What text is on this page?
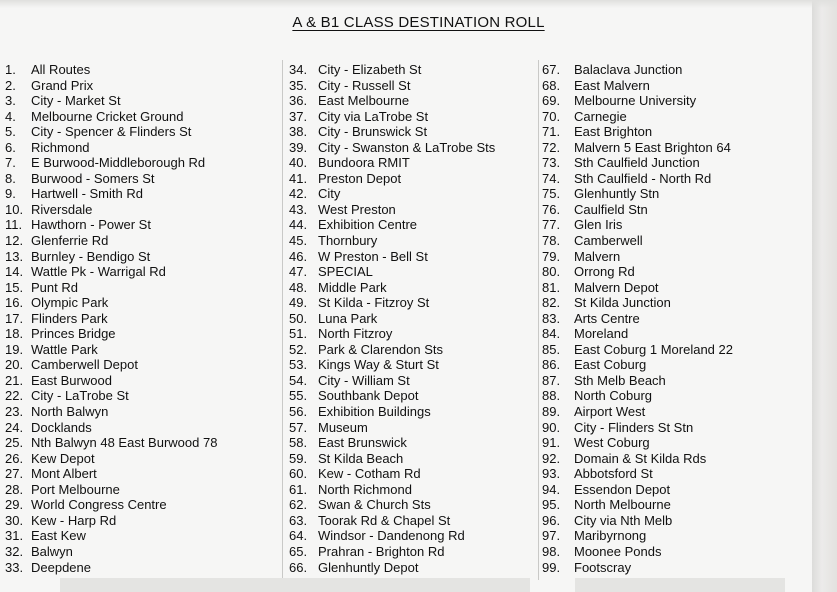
A & B1 CLASS DESTINATION ROLL
1. All Routes
2. Grand Prix
3. City - Market St
4. Melbourne Cricket Ground
5. City - Spencer & Flinders St
6. Richmond
7. E Burwood-Middleborough Rd
8. Burwood - Somers St
9. Hartwell - Smith Rd
10. Riversdale
11. Hawthorn - Power St
12. Glenferrie Rd
13. Burnley - Bendigo St
14. Wattle Pk - Warrigal Rd
15. Punt Rd
16. Olympic Park
17. Flinders Park
18. Princes Bridge
19. Wattle Park
20. Camberwell Depot
21. East Burwood
22. City - LaTrobe St
23. North Balwyn
24. Docklands
25. Nth Balwyn 48 East Burwood 78
26. Kew Depot
27. Mont Albert
28. Port Melbourne
29. World Congress Centre
30. Kew - Harp Rd
31. East Kew
32. Balwyn
33. Deepdene
34. City - Elizabeth St
35. City - Russell St
36. East Melbourne
37. City via LaTrobe St
38. City - Brunswick St
39. City - Swanston & LaTrobe Sts
40. Bundoora RMIT
41. Preston Depot
42. City
43. West Preston
44. Exhibition Centre
45. Thornbury
46. W Preston - Bell St
47. SPECIAL
48. Middle Park
49. St Kilda - Fitzroy St
50. Luna Park
51. North Fitzroy
52. Park & Clarendon Sts
53. Kings Way & Sturt St
54. City - William St
55. Southbank Depot
56. Exhibition Buildings
57. Museum
58. East Brunswick
59. St Kilda Beach
60. Kew - Cotham Rd
61. North Richmond
62. Swan & Church Sts
63. Toorak Rd & Chapel St
64. Windsor - Dandenong Rd
65. Prahran - Brighton Rd
66. Glenhuntly Depot
67. Balaclava Junction
68. East Malvern
69. Melbourne University
70. Carnegie
71. East Brighton
72. Malvern 5 East Brighton 64
73. Sth Caulfield Junction
74. Sth Caulfield - North Rd
75. Glenhuntly Stn
76. Caulfield Stn
77. Glen Iris
78. Camberwell
79. Malvern
80. Orrong Rd
81. Malvern Depot
82. St Kilda Junction
83. Arts Centre
84. Moreland
85. East Coburg 1 Moreland 22
86. East Coburg
87. Sth Melb Beach
88. North Coburg
89. Airport West
90. City - Flinders St Stn
91. West Coburg
92. Domain & St Kilda Rds
93. Abbotsford St
94. Essendon Depot
95. North Melbourne
96. City via Nth Melb
97. Maribyrnong
98. Moonee Ponds
99. Footscray
